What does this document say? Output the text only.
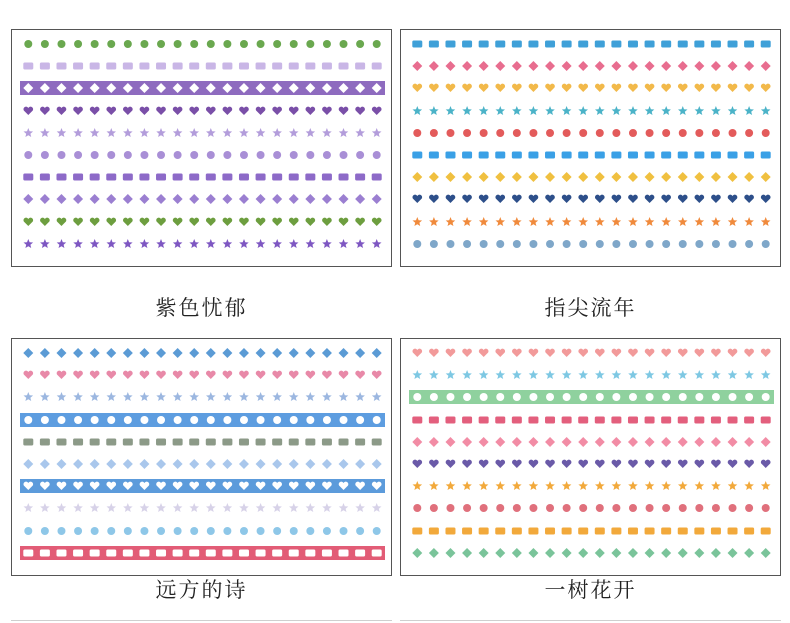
紫色忧郁	指尖流年
远方的诗	一树花开
